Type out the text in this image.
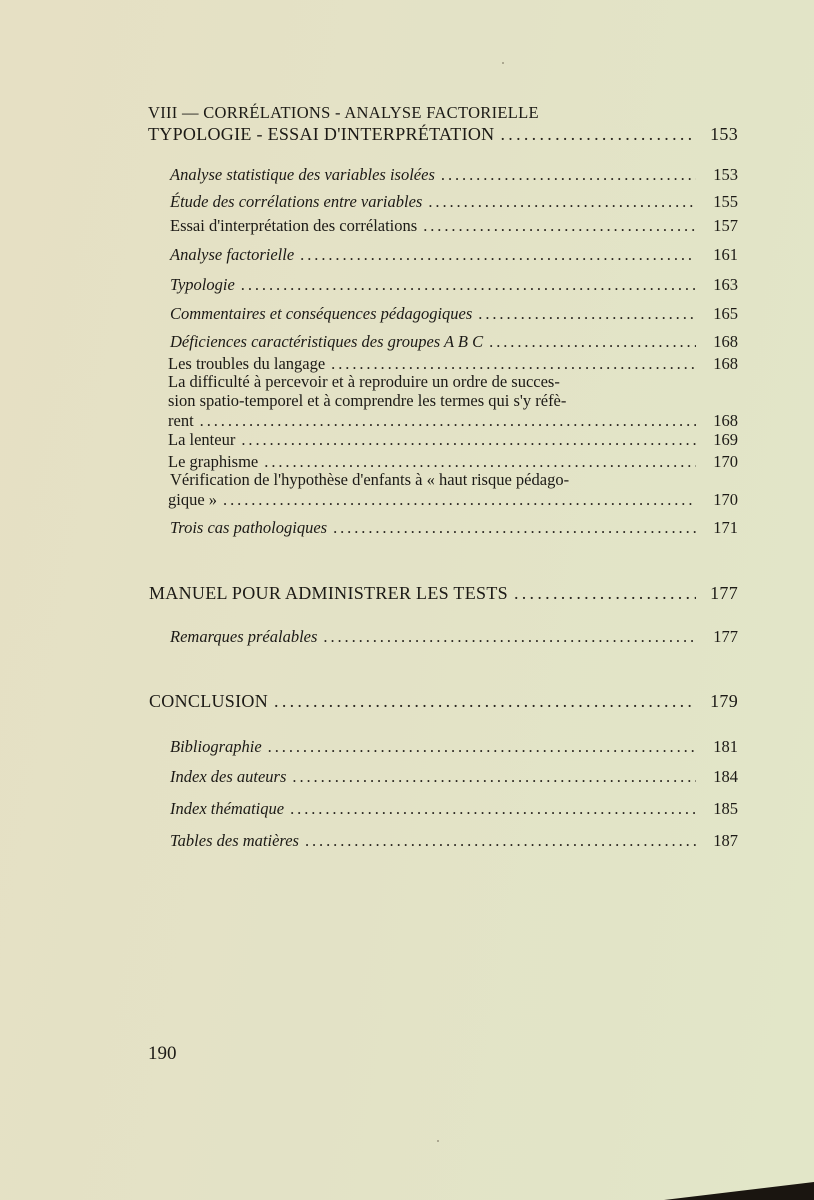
VIII — CORRÉLATIONS - ANALYSE FACTORIELLE
TYPOLOGIE - ESSAI D'INTERPRÉTATION . . .	153
Analyse statistique des variables isolées . . .	153
Étude des corrélations entre variables . . .	155
Essai d'interprétation des corrélations . . .	157
Analyse factorielle . . .	161
Typologie . . .	163
Commentaires et conséquences pédagogiques . . .	165
Déficiences caractéristiques des groupes A B C . . .	168
Les troubles du langage . . .	168
La difficulté à percevoir et à reproduire un ordre de succes-
sion spatio-temporel et à comprendre les termes qui s'y réfè-
rent . . .	168
La lenteur . . .	169
Le graphisme . . .	170
Vérification de l'hypothèse d'enfants à « haut risque pédago-
gique » . . .	170
Trois cas pathologiques . . .	171
MANUEL POUR ADMINISTRER LES TESTS . . .	177
Remarques préalables . . .	177
CONCLUSION . . .	179
Bibliographie . . .	181
Index des auteurs . . .	184
Index thématique . . .	185
Tables des matières . . .	187
190
